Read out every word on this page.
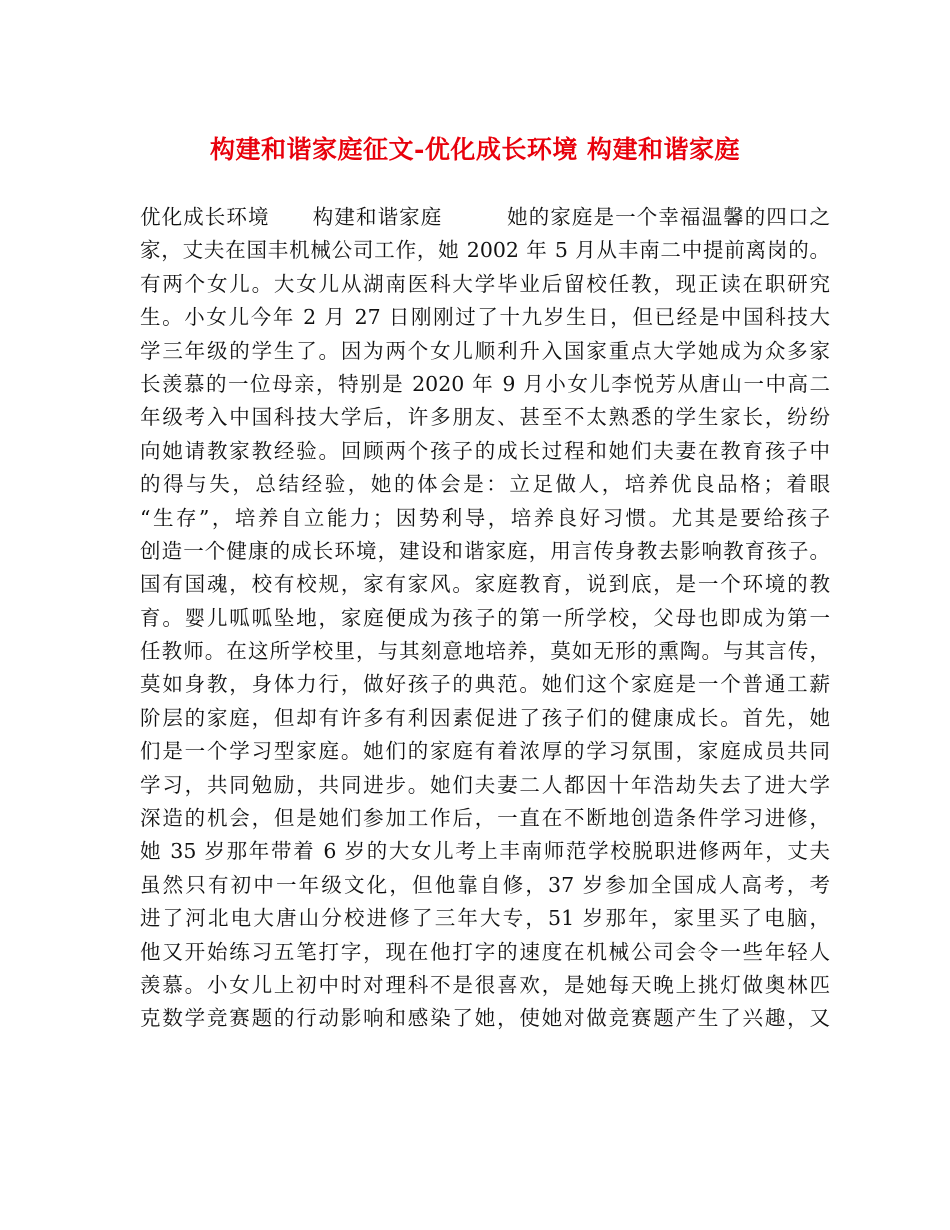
构建和谐家庭征文-优化成长环境 构建和谐家庭
优化成长环境　　构建和谐家庭　　　她的家庭是一个幸福温馨的四口之
家，丈夫在国丰机械公司工作，她 2002 年 5 月从丰南二中提前离岗的。
有两个女儿。大女儿从湖南医科大学毕业后留校任教，现正读在职研究
生。小女儿今年 2 月 27 日刚刚过了十九岁生日，但已经是中国科技大
学三年级的学生了。因为两个女儿顺利升入国家重点大学她成为众多家
长羡慕的一位母亲，特别是 2020 年 9 月小女儿李悦芳从唐山一中高二
年级考入中国科技大学后，许多朋友、甚至不太熟悉的学生家长，纷纷
向她请教家教经验。回顾两个孩子的成长过程和她们夫妻在教育孩子中
的得与失，总结经验，她的体会是：立足做人，培养优良品格；着眼
“生存”，培养自立能力；因势利导，培养良好习惯。尤其是要给孩子
创造一个健康的成长环境，建设和谐家庭，用言传身教去影响教育孩子。
国有国魂，校有校规，家有家风。家庭教育，说到底，是一个环境的教
育。婴儿呱呱坠地，家庭便成为孩子的第一所学校，父母也即成为第一
任教师。在这所学校里，与其刻意地培养，莫如无形的熏陶。与其言传，
莫如身教，身体力行，做好孩子的典范。她们这个家庭是一个普通工薪
阶层的家庭，但却有许多有利因素促进了孩子们的健康成长。首先，她
们是一个学习型家庭。她们的家庭有着浓厚的学习氛围，家庭成员共同
学习，共同勉励，共同进步。她们夫妻二人都因十年浩劫失去了进大学
深造的机会，但是她们参加工作后，一直在不断地创造条件学习进修，
她 35 岁那年带着 6 岁的大女儿考上丰南师范学校脱职进修两年，丈夫
虽然只有初中一年级文化，但他靠自修，37 岁参加全国成人高考，考
进了河北电大唐山分校进修了三年大专，51 岁那年，家里买了电脑，
他又开始练习五笔打字，现在他打字的速度在机械公司会令一些年轻人
羡慕。小女儿上初中时对理科不是很喜欢，是她每天晚上挑灯做奥林匹
克数学竞赛题的行动影响和感染了她，使她对做竞赛题产生了兴趣，又
